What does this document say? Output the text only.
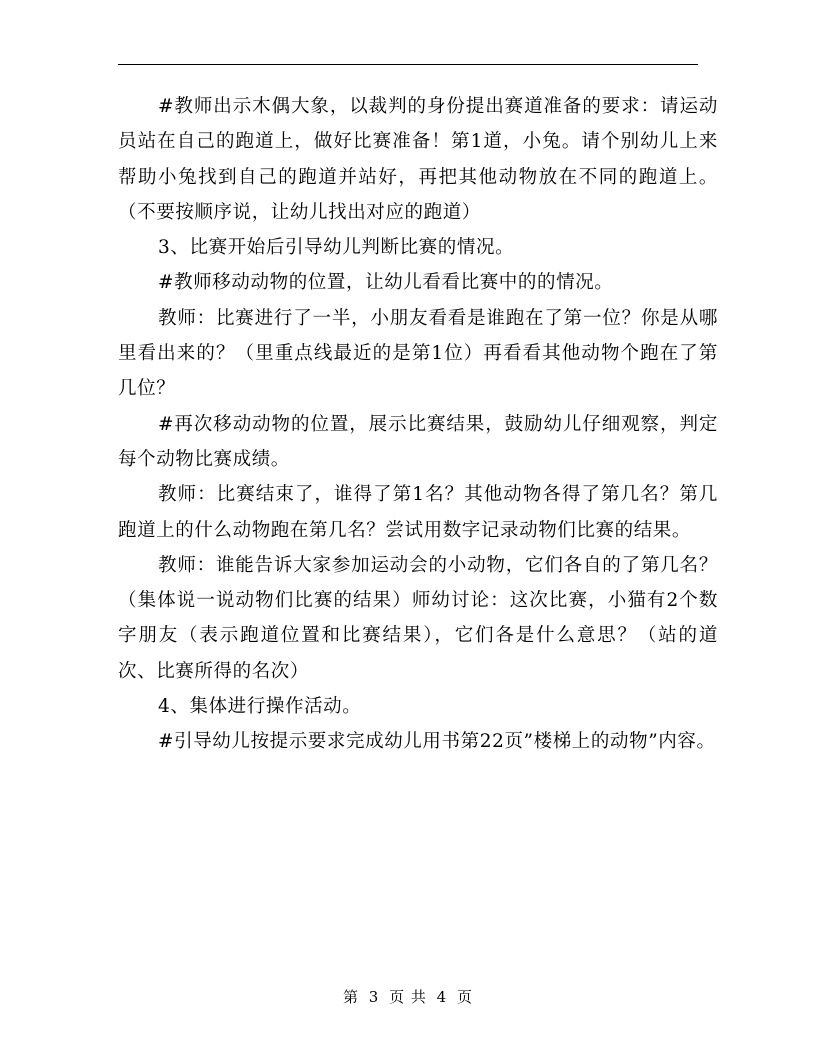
#教师出示木偶大象，以裁判的身份提出赛道准备的要求：请运动员站在自己的跑道上，做好比赛准备！第1道，小兔。请个别幼儿上来帮助小兔找到自己的跑道并站好，再把其他动物放在不同的跑道上。（不要按顺序说，让幼儿找出对应的跑道）

3、比赛开始后引导幼儿判断比赛的情况。

#教师移动动物的位置，让幼儿看看比赛中的的情况。

教师：比赛进行了一半，小朋友看看是谁跑在了第一位？你是从哪里看出来的？（里重点线最近的是第1位）再看看其他动物个跑在了第几位？

#再次移动动物的位置，展示比赛结果，鼓励幼儿仔细观察，判定每个动物比赛成绩。

教师：比赛结束了，谁得了第1名？其他动物各得了第几名？第几跑道上的什么动物跑在第几名？尝试用数字记录动物们比赛的结果。

教师：谁能告诉大家参加运动会的小动物，它们各自的了第几名？（集体说一说动物们比赛的结果）师幼讨论：这次比赛，小猫有2个数字朋友（表示跑道位置和比赛结果），它们各是什么意思？（站的道次、比赛所得的名次）

4、集体进行操作活动。

#引导幼儿按提示要求完成幼儿用书第22页”楼梯上的动物”内容。

第 3 页 共 4 页
